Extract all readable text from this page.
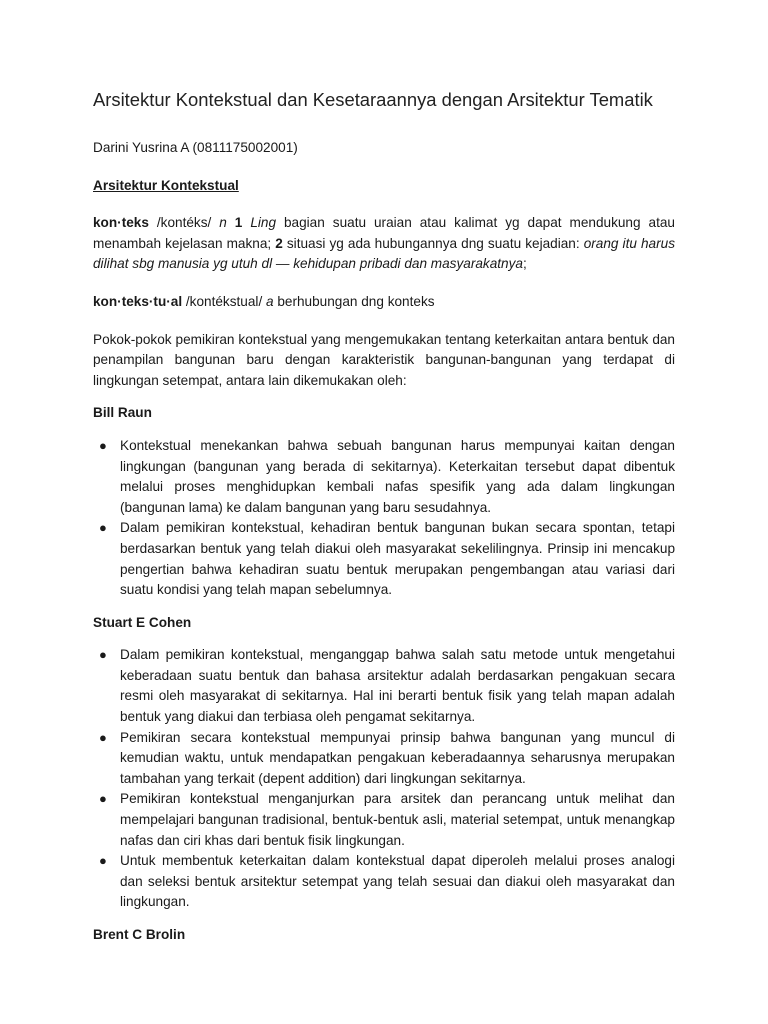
Arsitektur Kontekstual dan Kesetaraannya dengan Arsitektur Tematik

Darini Yusrina A (0811175002001)

Arsitektur Kontekstual

kon·teks /kontéks/ n 1 Ling bagian suatu uraian atau kalimat yg dapat mendukung atau menambah kejelasan makna; 2 situasi yg ada hubungannya dng suatu kejadian: orang itu harus dilihat sbg manusia yg utuh dl — kehidupan pribadi dan masyarakatnya;

kon·teks·tu·al /kontékstual/ a berhubungan dng konteks

Pokok-pokok pemikiran kontekstual yang mengemukakan tentang keterkaitan antara bentuk dan penampilan bangunan baru dengan karakteristik bangunan-bangunan yang terdapat di lingkungan setempat, antara lain dikemukakan oleh:

Bill Raun

● Kontekstual menekankan bahwa sebuah bangunan harus mempunyai kaitan dengan lingkungan (bangunan yang berada di sekitarnya). Keterkaitan tersebut dapat dibentuk melalui proses menghidupkan kembali nafas spesifik yang ada dalam lingkungan (bangunan lama) ke dalam bangunan yang baru sesudahnya.
● Dalam pemikiran kontekstual, kehadiran bentuk bangunan bukan secara spontan, tetapi berdasarkan bentuk yang telah diakui oleh masyarakat sekelilingnya. Prinsip ini mencakup pengertian bahwa kehadiran suatu bentuk merupakan pengembangan atau variasi dari suatu kondisi yang telah mapan sebelumnya.

Stuart E Cohen

● Dalam pemikiran kontekstual, menganggap bahwa salah satu metode untuk mengetahui keberadaan suatu bentuk dan bahasa arsitektur adalah berdasarkan pengakuan secara resmi oleh masyarakat di sekitarnya. Hal ini berarti bentuk fisik yang telah mapan adalah bentuk yang diakui dan terbiasa oleh pengamat sekitarnya.
● Pemikiran secara kontekstual mempunyai prinsip bahwa bangunan yang muncul di kemudian waktu, untuk mendapatkan pengakuan keberadaannya seharusnya merupakan tambahan yang terkait (depent addition) dari lingkungan sekitarnya.
● Pemikiran kontekstual menganjurkan para arsitek dan perancang untuk melihat dan mempelajari bangunan tradisional, bentuk-bentuk asli, material setempat, untuk menangkap nafas dan ciri khas dari bentuk fisik lingkungan.
● Untuk membentuk keterkaitan dalam kontekstual dapat diperoleh melalui proses analogi dan seleksi bentuk arsitektur setempat yang telah sesuai dan diakui oleh masyarakat dan lingkungan.

Brent C Brolin
